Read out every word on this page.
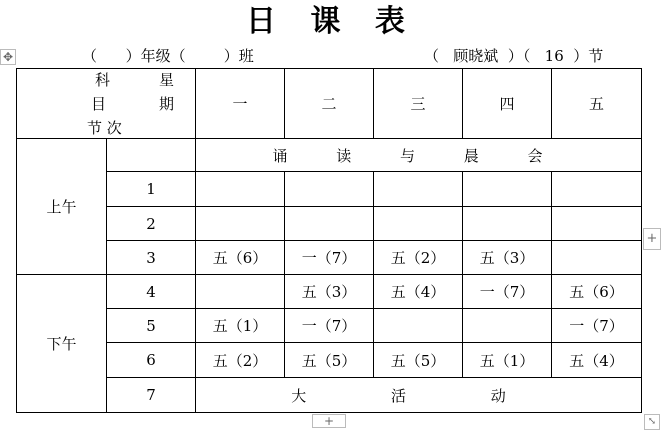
日 课 表
✥	（      ）年级（        ）班	（   顾晓斌  ）（   16  ）节
科 星
目 期
节 次		一	二	三	四	五
上午		诵 读 与 晨 会				
	1					
	2					
	3	五（6）	一（7）	五（2）	五（3）	
下午	4		五（3）	五（4）	一（7）	五（6）
	5	五（1）	一（7）			一（7）
	6	五（2）	五（5）	五（5）	五（1）	五（4）
	7	大 活 动				
+
+	⤡
